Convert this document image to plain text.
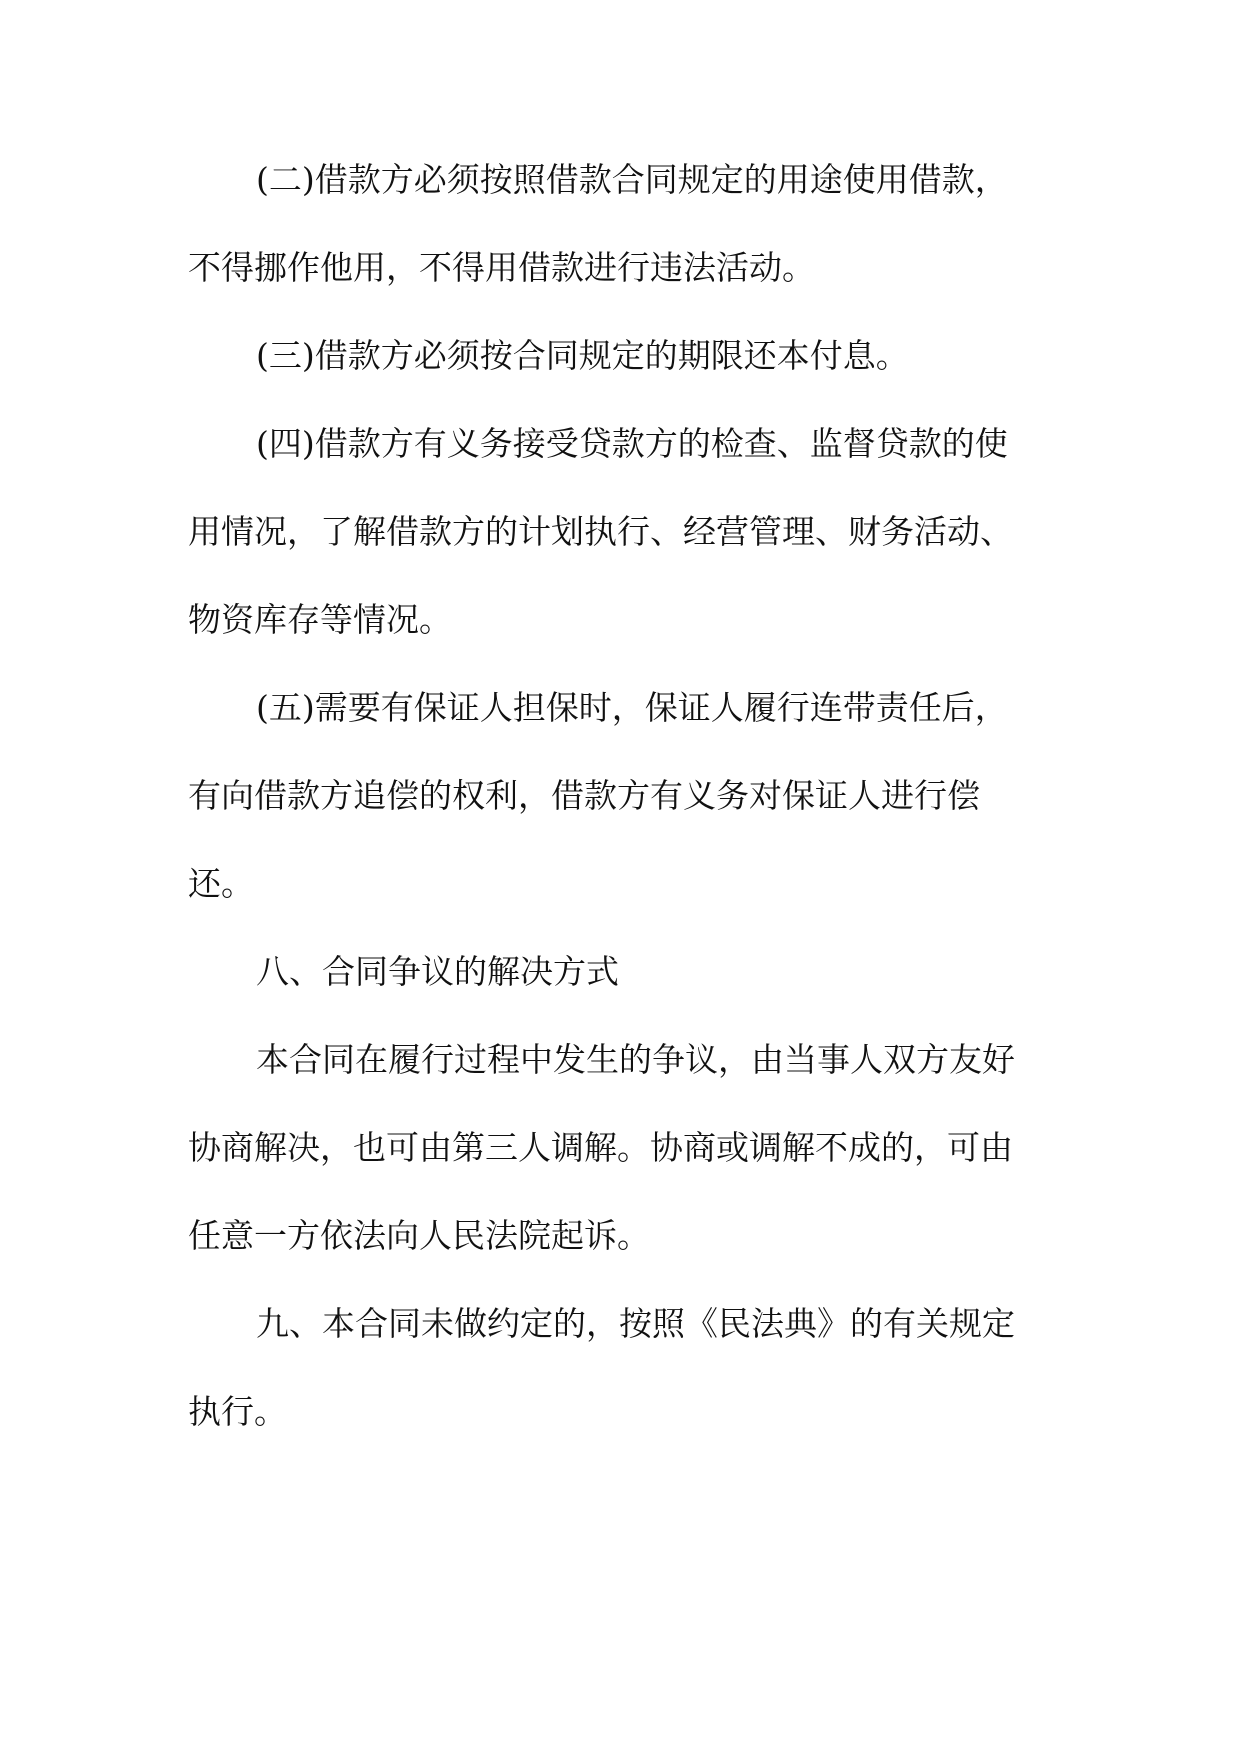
(二)借款方必须按照借款合同规定的用途使用借款，
不得挪作他用，不得用借款进行违法活动。
(三)借款方必须按合同规定的期限还本付息。
(四)借款方有义务接受贷款方的检查、监督贷款的使
用情况，了解借款方的计划执行、经营管理、财务活动、
物资库存等情况。
(五)需要有保证人担保时，保证人履行连带责任后，
有向借款方追偿的权利，借款方有义务对保证人进行偿
还。
八、合同争议的解决方式
本合同在履行过程中发生的争议，由当事人双方友好
协商解决，也可由第三人调解。协商或调解不成的，可由
任意一方依法向人民法院起诉。
九、本合同未做约定的，按照《民法典》的有关规定
执行。
